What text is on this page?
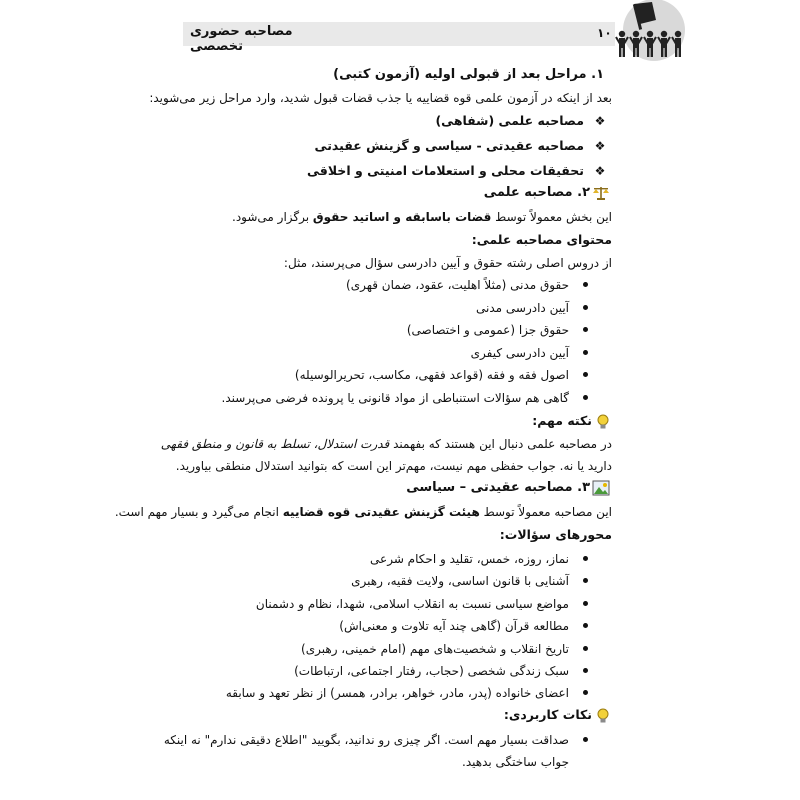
مصاحبه حضوری تخصصی
۱۰
۱. مراحل بعد از قبولی اولیه (آزمون کتبی)
بعد از اینکه در آزمون علمی قوه قضاییه یا جذب قضات قبول شدید، وارد مراحل زیر می‌شوید:
❖مصاحبه علمی (شفاهی)
❖مصاحبه عقیدتی - سیاسی و گزینش عقیدتی
❖تحقیقات محلی و استعلامات امنیتی و اخلاقی
۲. مصاحبه علمی
این بخش معمولاً توسط قضات باسابقه و اساتید حقوق برگزار می‌شود.
محتوای مصاحبه علمی:
از دروس اصلی رشته حقوق و آیین دادرسی سؤال می‌پرسند، مثل:
حقوق مدنی (مثلاً اهلیت، عقود، ضمان قهری)
آیین دادرسی مدنی
حقوق جزا (عمومی و اختصاصی)
آیین دادرسی کیفری
اصول فقه و فقه (قواعد فقهی، مکاسب، تحریرالوسیله)
گاهی هم سؤالات استنباطی از مواد قانونی یا پرونده فرضی می‌پرسند.
نکته مهم:
در مصاحبه علمی دنبال این هستند که بفهمند قدرت استدلال، تسلط به قانون و منطق فقهی
دارید یا نه. جواب حفظی مهم نیست، مهم‌تر این است که بتوانید استدلال منطقی بیاورید.
۳. مصاحبه عقیدتی – سیاسی
این مصاحبه معمولاً توسط هیئت گزینش عقیدتی قوه قضاییه انجام می‌گیرد و بسیار مهم است.
محورهای سؤالات:
نماز، روزه، خمس، تقلید و احکام شرعی
آشنایی با قانون اساسی، ولایت فقیه، رهبری
مواضع سیاسی نسبت به انقلاب اسلامی، شهدا، نظام و دشمنان
مطالعه قرآن (گاهی چند آیه تلاوت و معنی‌اش)
تاریخ انقلاب و شخصیت‌های مهم (امام خمینی، رهبری)
سبک زندگی شخصی (حجاب، رفتار اجتماعی، ارتباطات)
اعضای خانواده (پدر، مادر، خواهر، برادر، همسر) از نظر تعهد و سابقه
نکات کاربردی:
صداقت بسیار مهم است. اگر چیزی رو ندانید، بگویید "اطلاع دقیقی ندارم" نه اینکه
جواب ساختگی بدهید.
